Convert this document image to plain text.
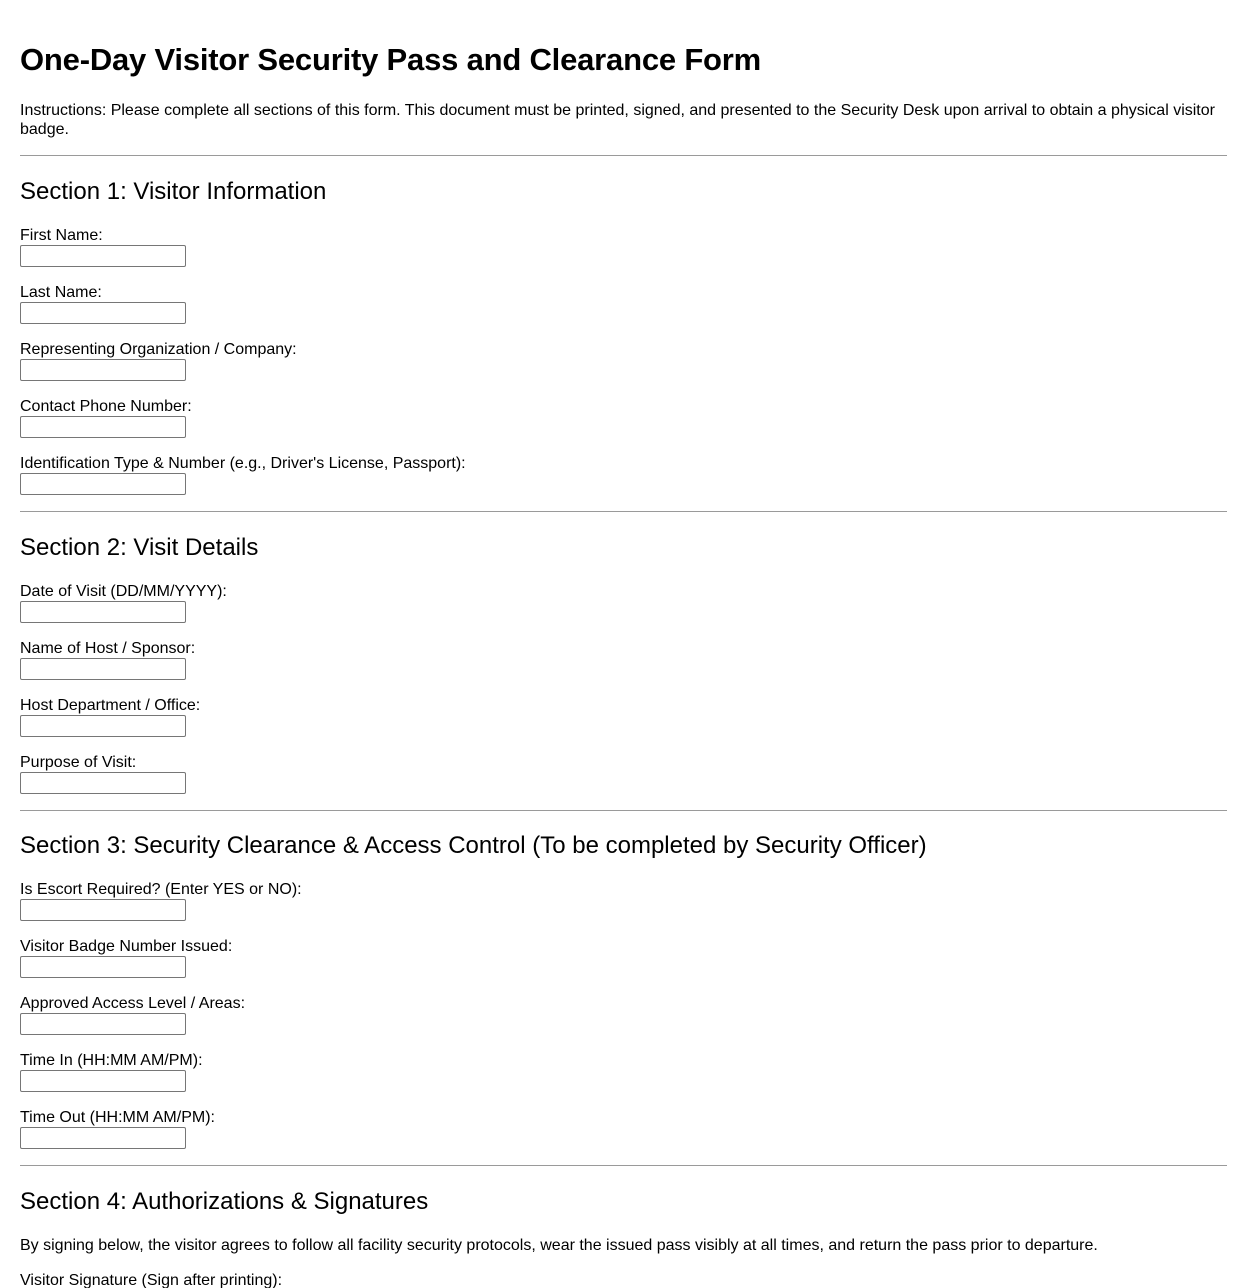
One-Day Visitor Security Pass and Clearance Form

Instructions: Please complete all sections of this form. This document must be printed, signed, and presented to the Security Desk upon arrival to obtain a physical visitor badge.

Section 1: Visitor Information
First Name:
Last Name:
Representing Organization / Company:
Contact Phone Number:
Identification Type & Number (e.g., Driver's License, Passport):
Section 2: Visit Details
Date of Visit (DD/MM/YYYY):
Name of Host / Sponsor:
Host Department / Office:
Purpose of Visit:
Section 3: Security Clearance & Access Control (To be completed by Security Officer)
Is Escort Required? (Enter YES or NO):
Visitor Badge Number Issued:
Approved Access Level / Areas:
Time In (HH:MM AM/PM):
Time Out (HH:MM AM/PM):
Section 4: Authorizations & Signatures

By signing below, the visitor agrees to follow all facility security protocols, wear the issued pass visibly at all times, and return the pass prior to departure.

Visitor Signature (Sign after printing):
